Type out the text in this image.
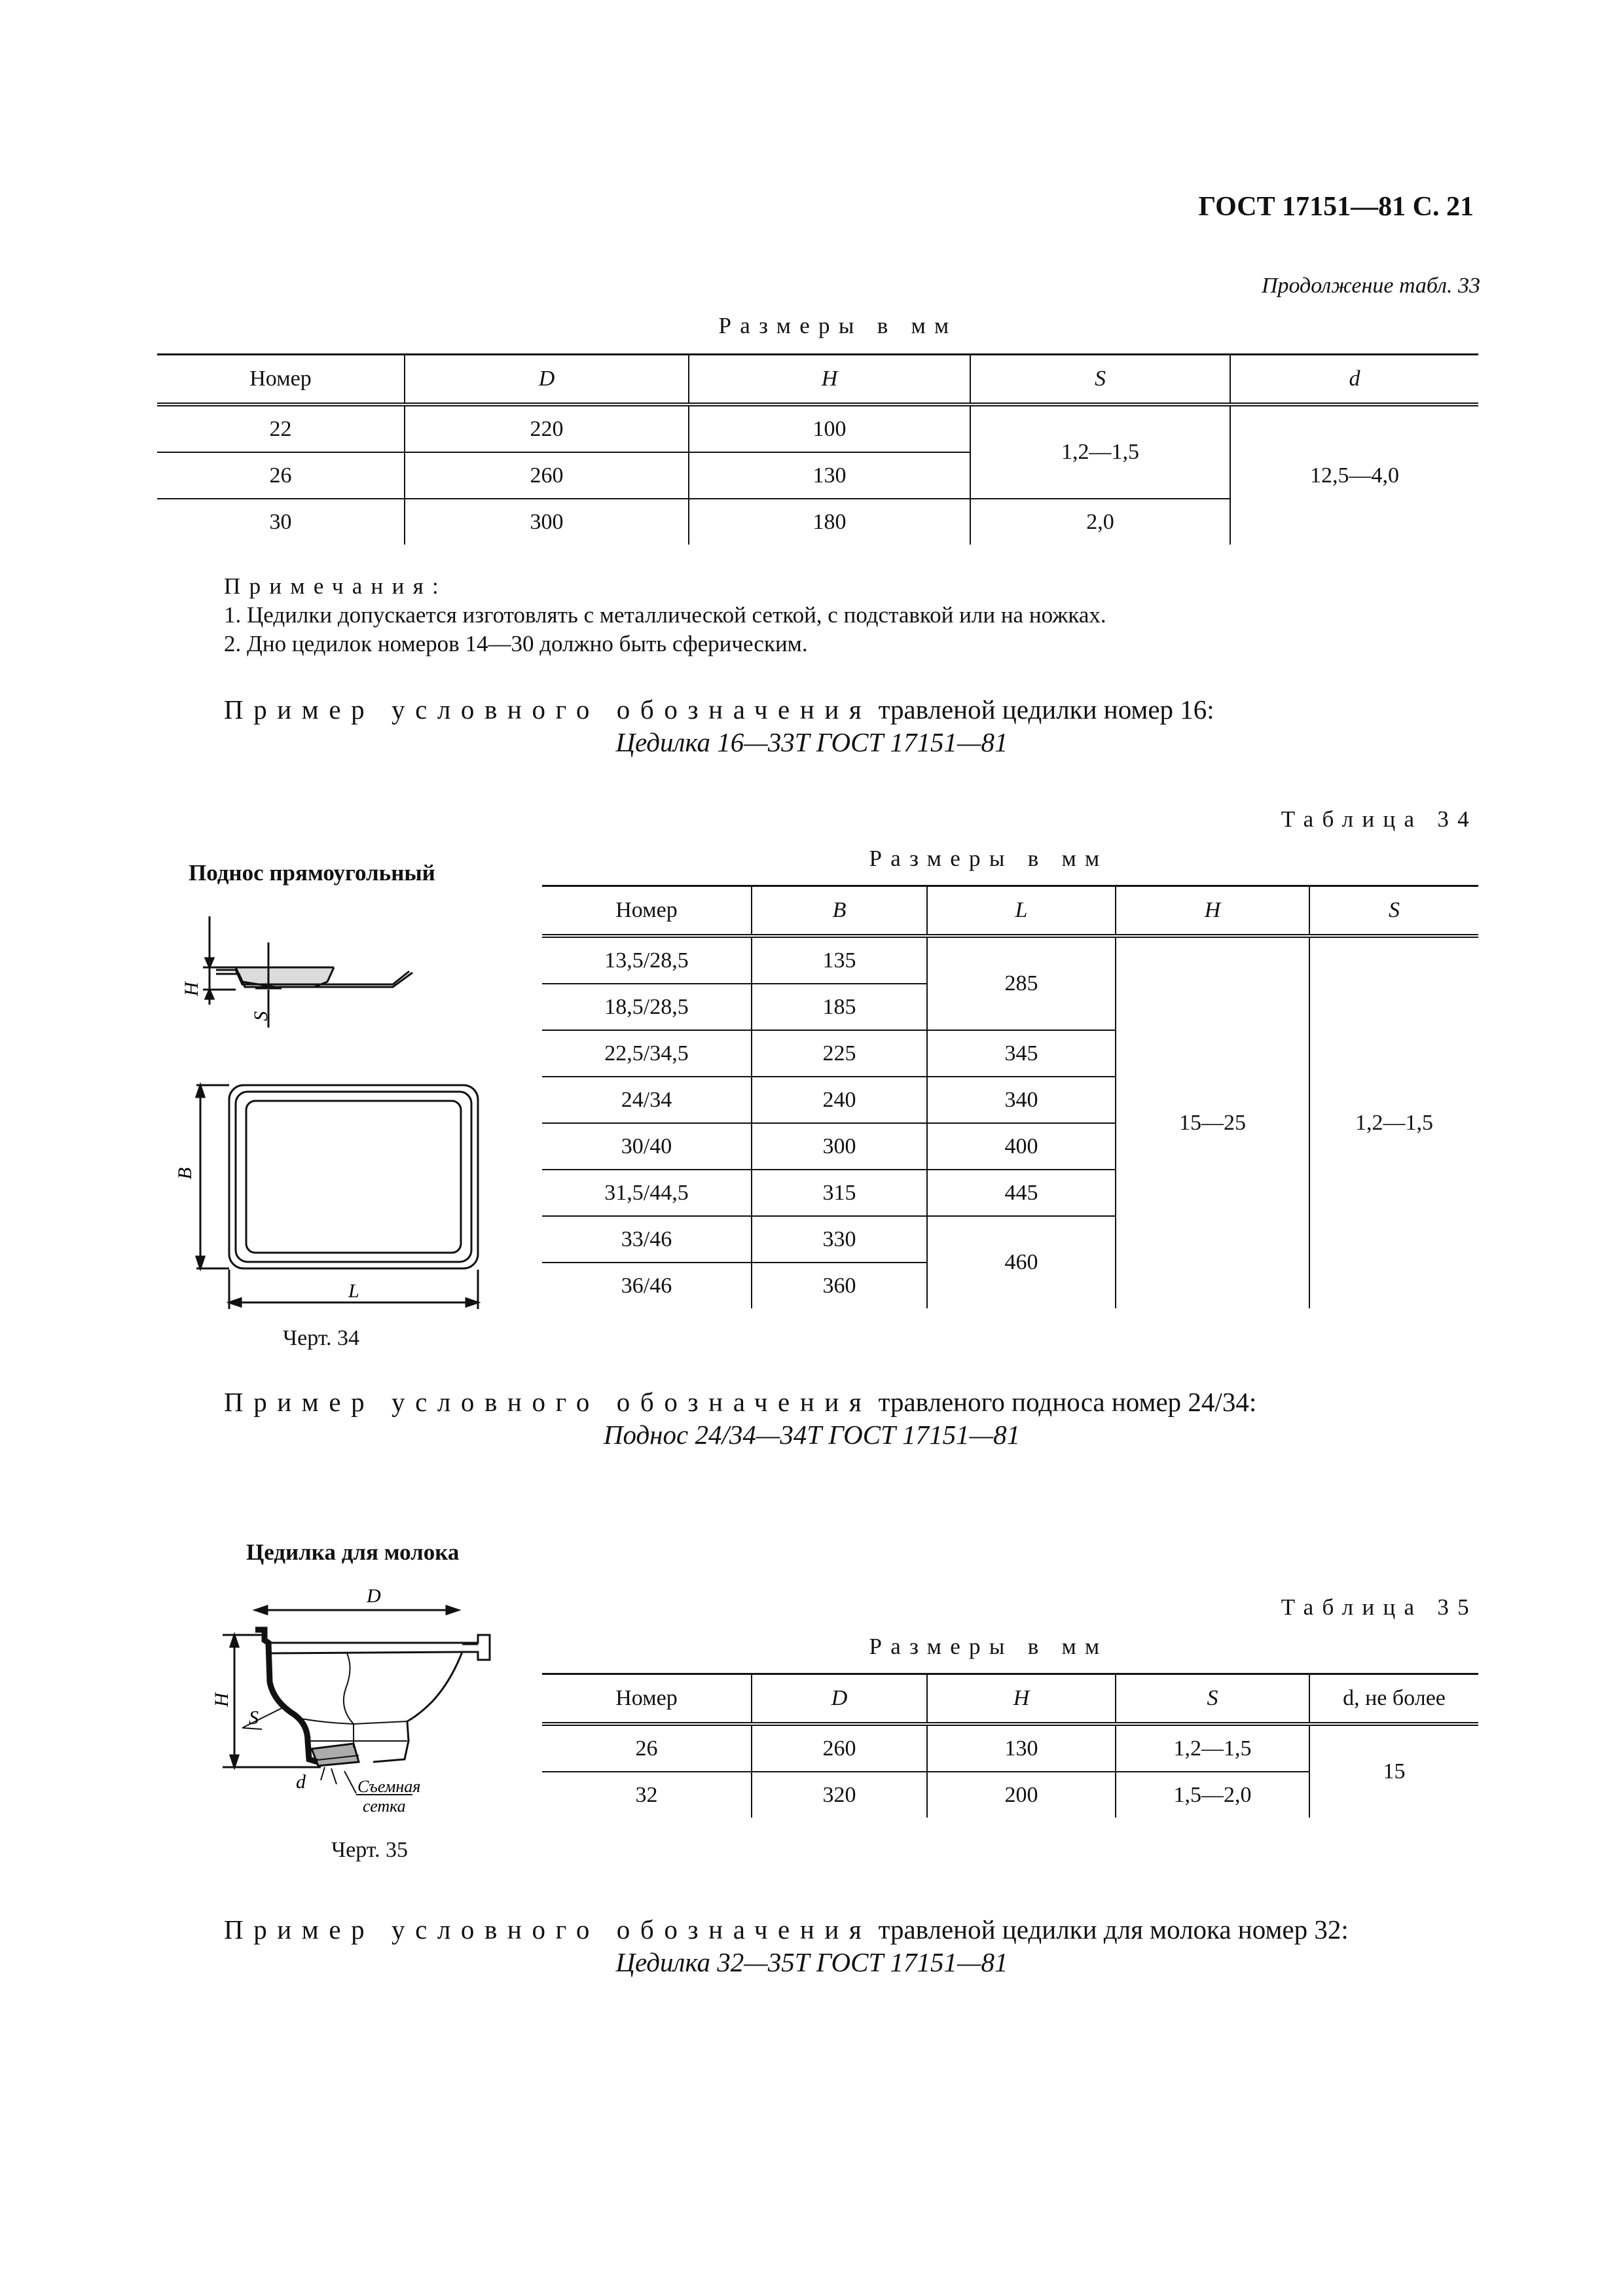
ГОСТ 17151—81 С. 21
Продолжение табл. 33
Размеры в мм
Номер	D	H	S	d
22	220	100	1,2—1,5	12,5—4,0
26	260	130		
30	300	180	2,0	
Примечания:
1. Цедилки допускается изготовлять с металлической сеткой, с подставкой или на ножках.
2. Дно цедилок номеров 14—30 должно быть сферическим.
Пример условного обозначения травленой цедилки номер 16:
Цедилка 16—33Т ГОСТ 17151—81
Таблица 34
Поднос прямоугольный
Размеры в мм
Номер	B	L	H	S
13,5/28,5	135	285	15—25	1,2—1,5
18,5/28,5	185			
22,5/34,5	225	345		
24/34	240	340		
30/40	300	400		
31,5/44,5	315	445		
33/46	330	460		
36/46	360			
H
S
B
L
Черт. 34
Пример условного обозначения травленого подноса номер 24/34:
Поднос 24/34—34Т ГОСТ 17151—81
Цедилка для молока
Таблица 35
Размеры в мм
Номер	D	H	S	d, не более
26	260	130	1,2—1,5	15
32	320	200	1,5—2,0	
D
H
S
d	Съемная
сетка
Черт. 35
Пример условного обозначения травленой цедилки для молока номер 32:
Цедилка 32—35Т ГОСТ 17151—81
